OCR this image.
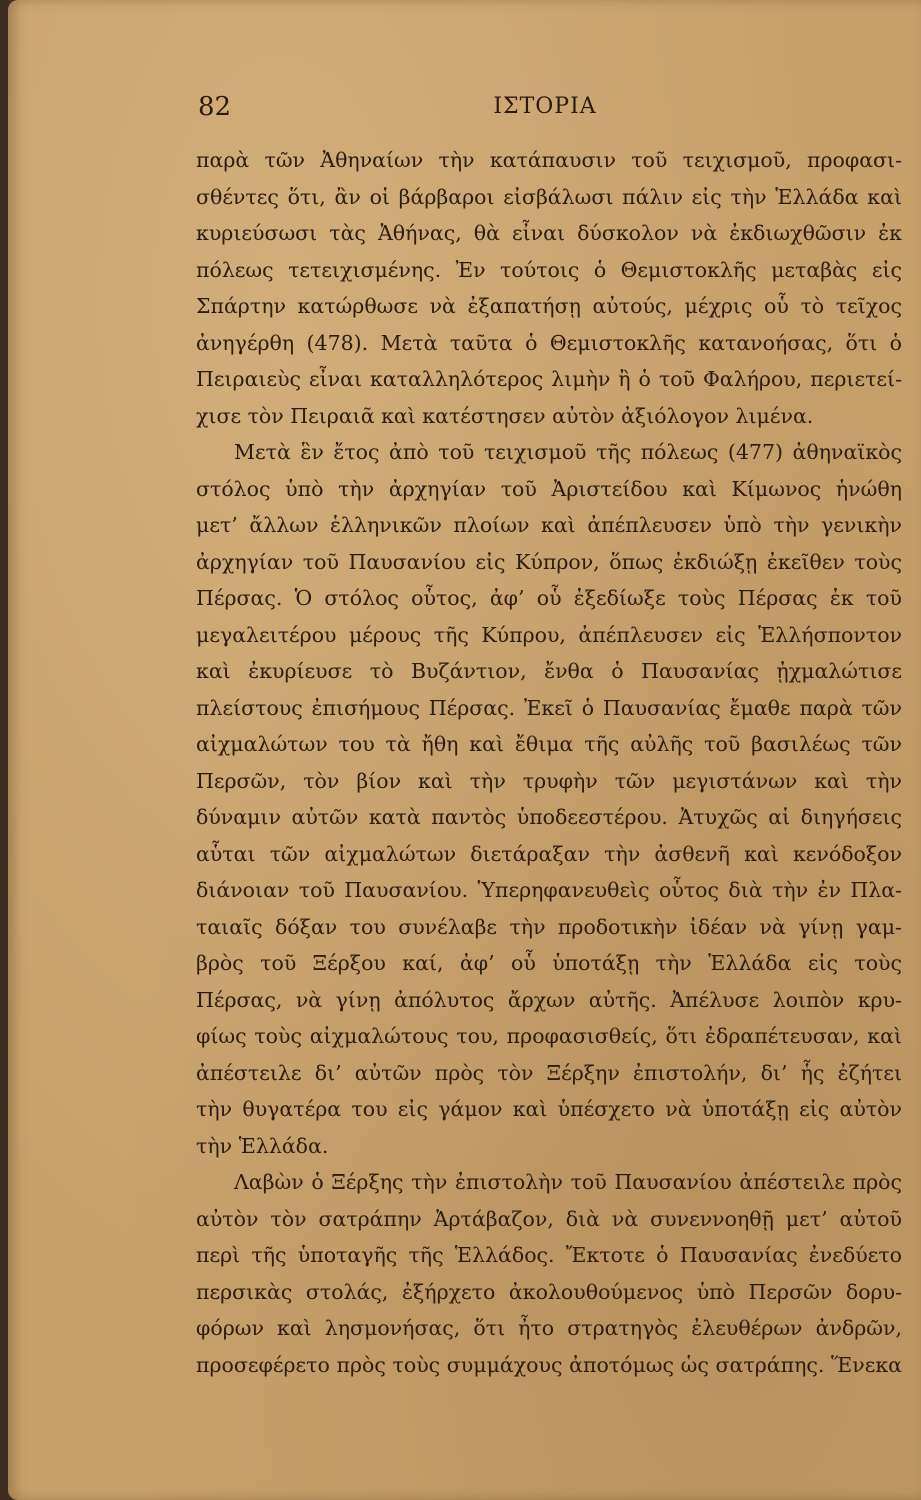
82	ΙΣΤΟΡΙΑ
παρὰ τῶν Ἀθηναίων τὴν κατάπαυσιν τοῦ τειχισμοῦ, προφασι-
σθέντες ὅτι, ἂν οἱ βάρβαροι εἰσβάλωσι πάλιν εἰς τὴν Ἑλλάδα καὶ
κυριεύσωσι τὰς Ἀθήνας, θὰ εἶναι δύσκολον νὰ ἐκδιωχθῶσιν ἐκ
πόλεως τετειχισμένης. Ἐν τούτοις ὁ Θεμιστοκλῆς μεταβὰς εἰς
Σπάρτην κατώρθωσε νὰ ἐξαπατήσῃ αὐτούς, μέχρις οὗ τὸ τεῖχος
ἀνηγέρθη (478). Μετὰ ταῦτα ὁ Θεμιστοκλῆς κατανοήσας, ὅτι ὁ
Πειραιεὺς εἶναι καταλληλότερος λιμὴν ἢ ὁ τοῦ Φαλήρου, περιετεί-
χισε τὸν Πειραιᾶ καὶ κατέστησεν αὐτὸν ἀξιόλογον λιμένα.
Μετὰ ἓν ἔτος ἀπὸ τοῦ τειχισμοῦ τῆς πόλεως (477) ἀθηναϊκὸς
στόλος ὑπὸ τὴν ἀρχηγίαν τοῦ Ἀριστείδου καὶ Κίμωνος ἡνώθη
μετ’ ἄλλων ἑλληνικῶν πλοίων καὶ ἀπέπλευσεν ὑπὸ τὴν γενικὴν
ἀρχηγίαν τοῦ Παυσανίου εἰς Κύπρον, ὅπως ἐκδιώξῃ ἐκεῖθεν τοὺς
Πέρσας. Ὁ στόλος οὗτος, ἀφ’ οὗ ἐξεδίωξε τοὺς Πέρσας ἐκ τοῦ
μεγαλειτέρου μέρους τῆς Κύπρου, ἀπέπλευσεν εἰς Ἑλλήσποντον
καὶ ἐκυρίευσε τὸ Βυζάντιον, ἔνθα ὁ Παυσανίας ᾐχμαλώτισε
πλείστους ἐπισήμους Πέρσας. Ἐκεῖ ὁ Παυσανίας ἔμαθε παρὰ τῶν
αἰχμαλώτων του τὰ ἤθη καὶ ἔθιμα τῆς αὐλῆς τοῦ βασιλέως τῶν
Περσῶν, τὸν βίον καὶ τὴν τρυφὴν τῶν μεγιστάνων καὶ τὴν
δύναμιν αὐτῶν κατὰ παντὸς ὑποδεεστέρου. Ἀτυχῶς αἱ διηγήσεις
αὗται τῶν αἰχμαλώτων διετάραξαν τὴν ἀσθενῆ καὶ κενόδοξον
διάνοιαν τοῦ Παυσανίου. Ὑπερηφανευθεὶς οὗτος διὰ τὴν ἐν Πλα-
ταιαῖς δόξαν του συνέλαβε τὴν προδοτικὴν ἰδέαν νὰ γίνῃ γαμ-
βρὸς τοῦ Ξέρξου καί, ἀφ’ οὗ ὑποτάξῃ τὴν Ἑλλάδα εἰς τοὺς
Πέρσας, νὰ γίνῃ ἀπόλυτος ἄρχων αὐτῆς. Ἀπέλυσε λοιπὸν κρυ-
φίως τοὺς αἰχμαλώτους του, προφασισθείς, ὅτι ἐδραπέτευσαν, καὶ
ἀπέστειλε δι’ αὐτῶν πρὸς τὸν Ξέρξην ἐπιστολήν, δι’ ἧς ἐζήτει
τὴν θυγατέρα του εἰς γάμον καὶ ὑπέσχετο νὰ ὑποτάξῃ εἰς αὐτὸν
τὴν Ἑλλάδα.
Λαβὼν ὁ Ξέρξης τὴν ἐπιστολὴν τοῦ Παυσανίου ἀπέστειλε πρὸς
αὐτὸν τὸν σατράπην Ἀρτάβαζον, διὰ νὰ συνεννοηθῇ μετ’ αὐτοῦ
περὶ τῆς ὑποταγῆς τῆς Ἑλλάδος. Ἔκτοτε ὁ Παυσανίας ἐνεδύετο
περσικὰς στολάς, ἐξήρχετο ἀκολουθούμενος ὑπὸ Περσῶν δορυ-
φόρων καὶ λησμονήσας, ὅτι ἦτο στρατηγὸς ἐλευθέρων ἀνδρῶν,
προσεφέρετο πρὸς τοὺς συμμάχους ἀποτόμως ὡς σατράπης. Ἕνεκα
